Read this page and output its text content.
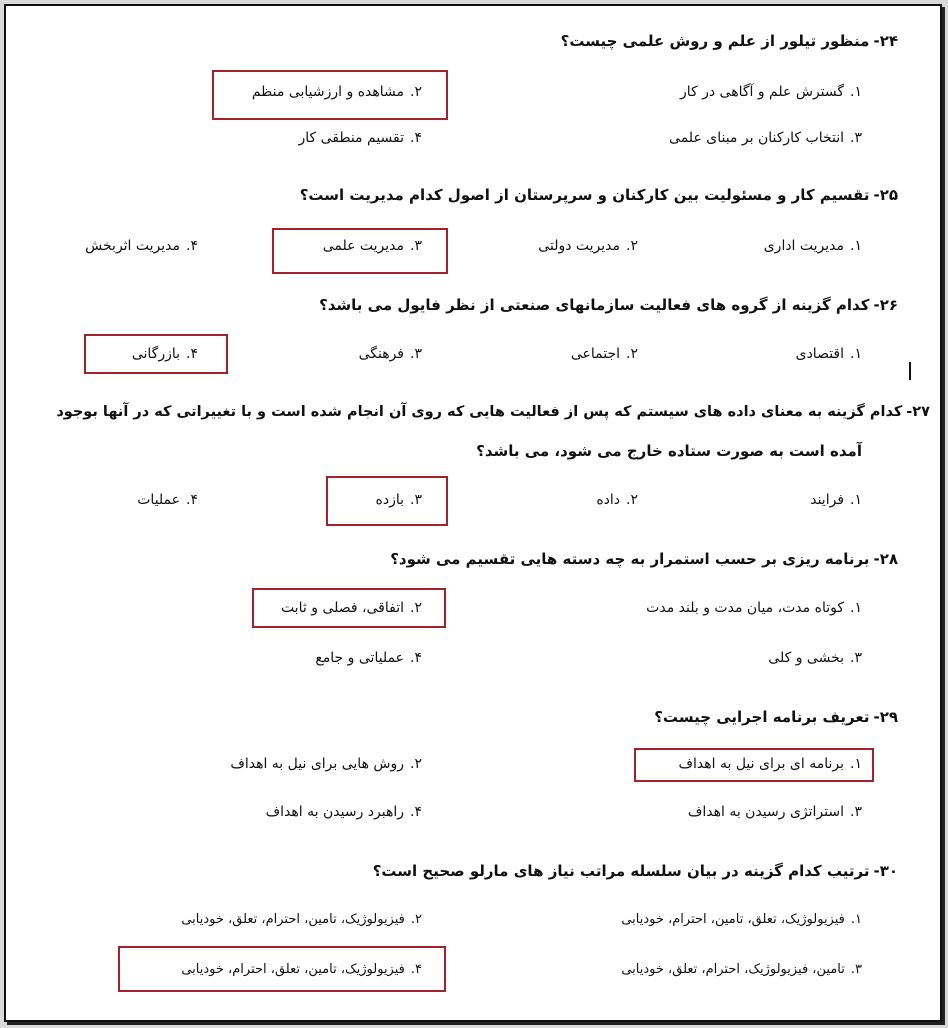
۲۴-منظور تیلور از علم و روش علمی چیست؟
۱.گسترش علم و آگاهی در کار
۲.مشاهده و ارزشیابی منظم
۳.انتخاب کارکنان بر مبنای علمی
۴.تقسیم منطقی کار
۲۵-تقسیم کار و مسئولیت بین کارکنان و سرپرستان از اصول کدام مدیریت است؟
۱.مدیریت اداری
۲.مدیریت دولتی
۳.مدیریت علمی
۴.مدیریت اثربخش
۲۶-کدام گزینه از گروه های فعالیت سازمانهای صنعتی از نظر فایول می باشد؟
۱.اقتصادی
۲.اجتماعی
۳.فرهنگی
۴.بازرگانی
۲۷-کدام گزینه به معنای داده های سیستم که پس از فعالیت هایی که روی آن انجام شده است و با تغییراتی که در آنها بوجود
آمده است به صورت ستاده خارج می شود، می باشد؟
۱.فرایند
۲.داده
۳.بازده
۴.عملیات
۲۸-برنامه ریزی بر حسب استمرار به چه دسته هایی تقسیم می شود؟
۱.کوتاه مدت، میان مدت و بلند مدت
۲.اتفاقی، فصلی و ثابت
۳.بخشی و کلی
۴.عملیاتی و جامع
۲۹-تعریف برنامه اجرایی چیست؟
۱.برنامه ای برای نیل به اهداف
۲.روش هایی برای نیل به اهداف
۳.استراتژی رسیدن به اهداف
۴.راهبرد رسیدن به اهداف
۳۰-ترتیب کدام گزینه در بیان سلسله مراتب نیاز های مارلو صحیح است؟
۱.فیزیولوژیک، تعلق، تامین، احترام، خودیابی
۲.فیزیولوژیک، تامین، احترام، تعلق، خودیابی
۳.تامین، فیزیولوژیک، احترام، تعلق، خودیابی
۴.فیزیولوژیک، تامین، تعلق، احترام، خودیابی
